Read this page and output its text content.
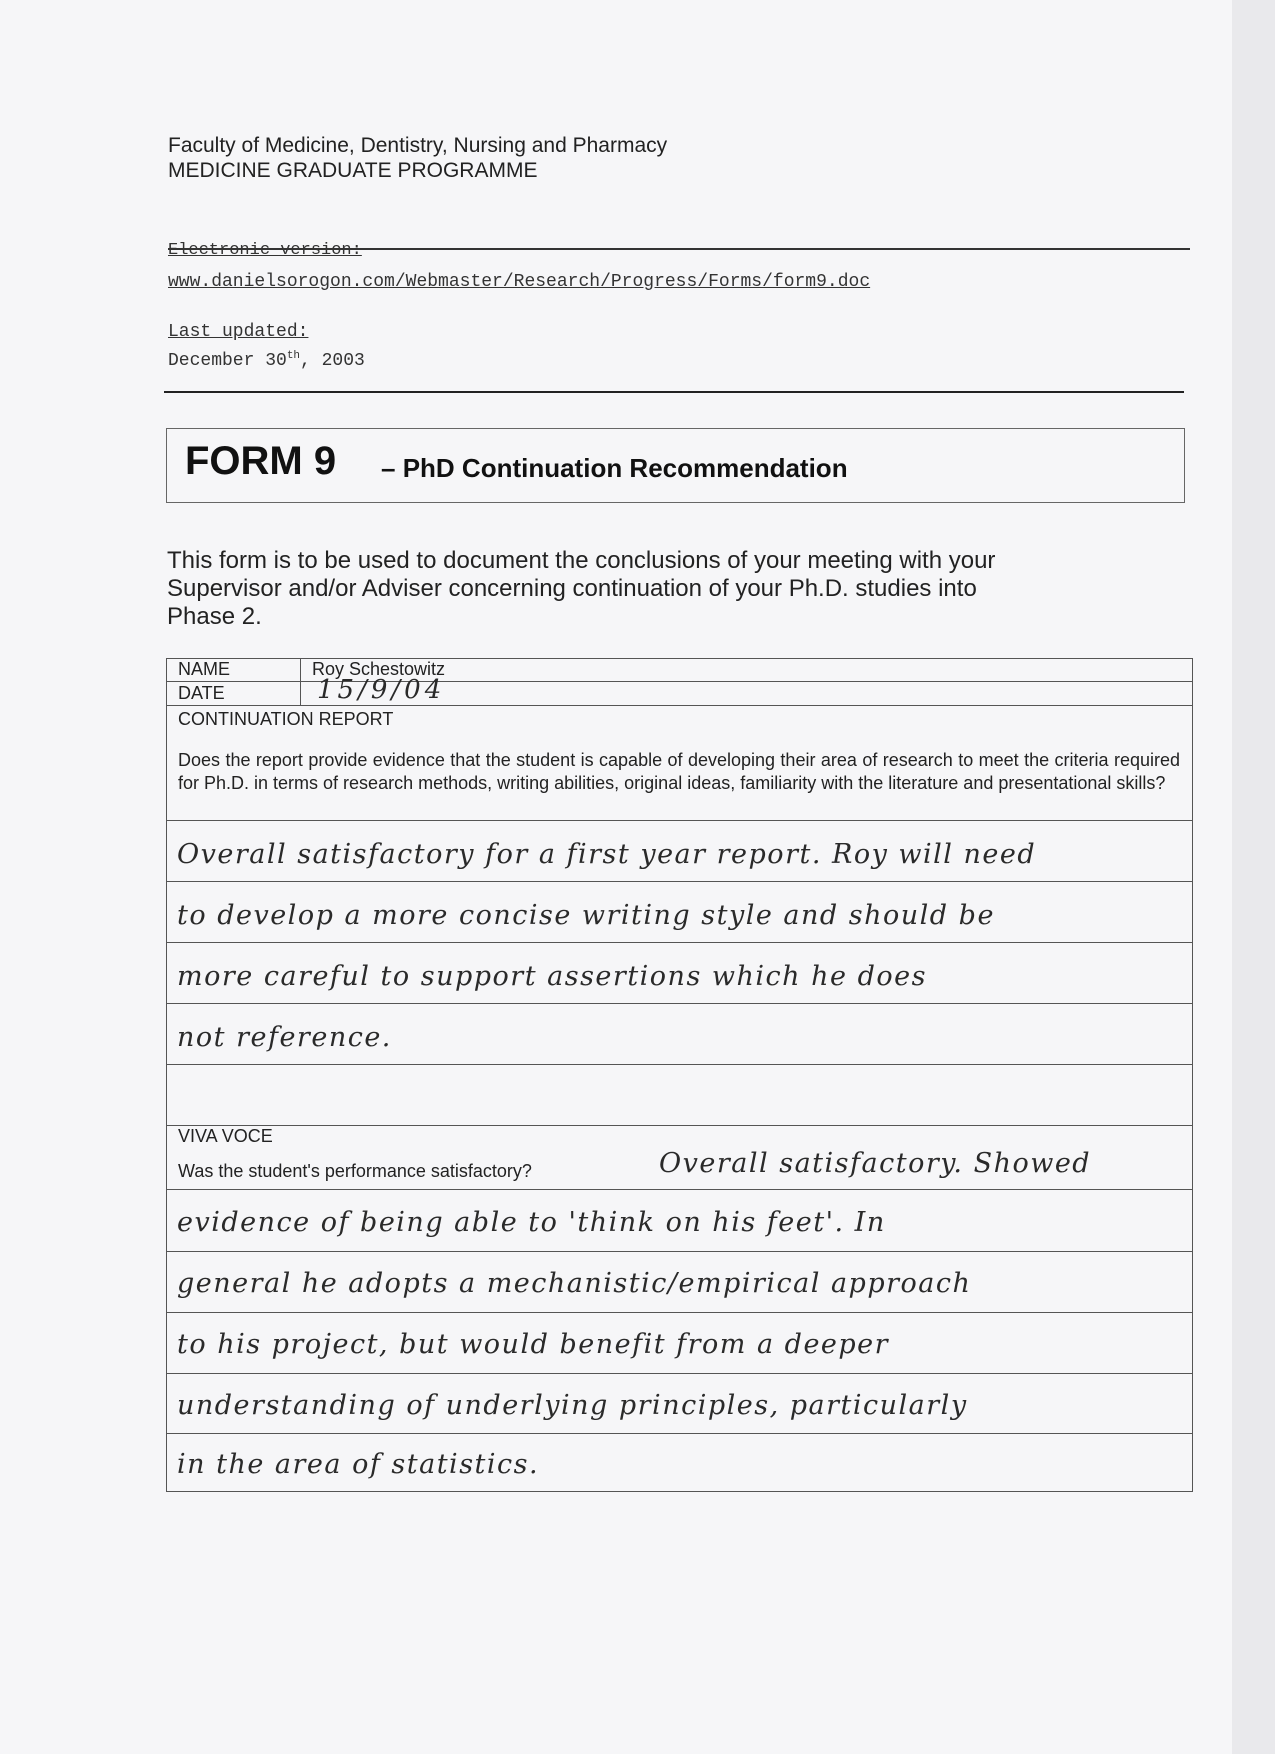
Faculty of Medicine, Dentistry, Nursing and Pharmacy
MEDICINE GRADUATE PROGRAMME
Electronic version:
www.danielsorogon.com/Webmaster/Research/Progress/Forms/form9.doc
Last updated:
December 30th, 2003
FORM 9 – PhD Continuation Recommendation
This form is to be used to document the conclusions of your meeting with your Supervisor and/or Adviser concerning continuation of your Ph.D. studies into Phase 2.
NAME	Roy Schestowitz
DATE	15/9/04
CONTINUATION REPORT
Does the report provide evidence that the student is capable of developing their area of research to meet the criteria required for Ph.D. in terms of research methods, writing abilities, original ideas, familiarity with the literature and presentational skills?
Overall satisfactory for a first year report. Roy will need
to develop a more concise writing style and should be
more careful to support assertions which he does
not reference.
VIVA VOCE
Was the student's performance satisfactory?	Overall satisfactory. Showed
evidence of being able to 'think on his feet'. In
general he adopts a mechanistic/empirical approach
to his project, but would benefit from a deeper
understanding of underlying principles, particularly
in the area of statistics.
